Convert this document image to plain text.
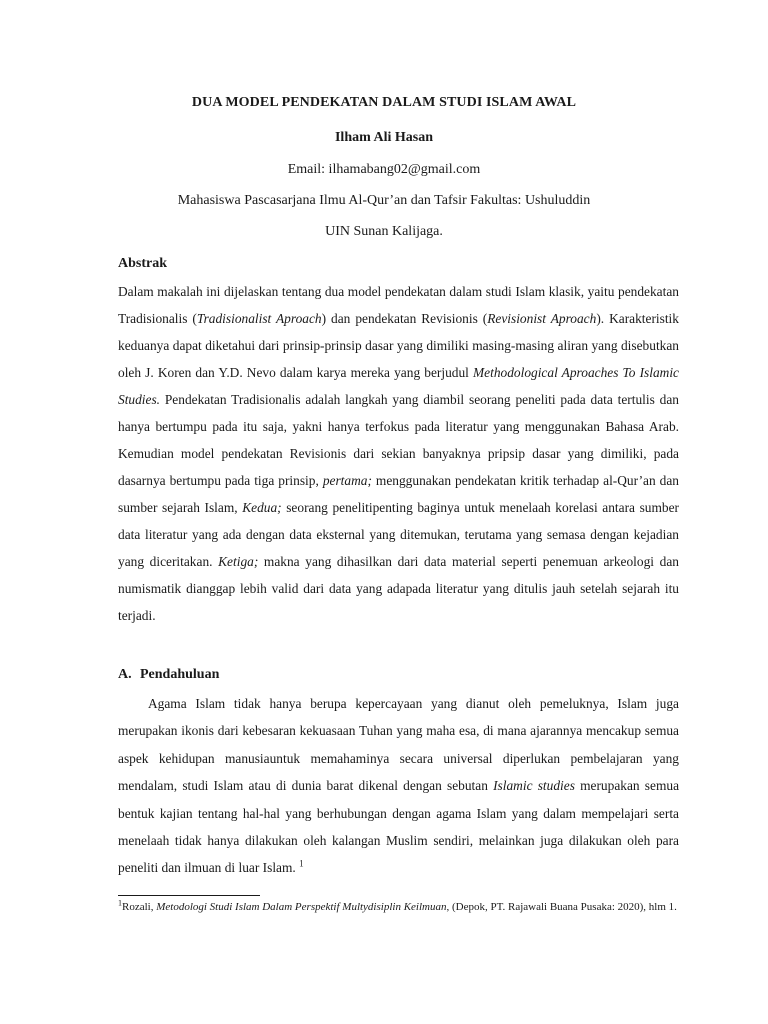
DUA MODEL PENDEKATAN DALAM STUDI ISLAM AWAL
Ilham Ali Hasan
Email: ilhamabang02@gmail.com
Mahasiswa Pascasarjana Ilmu Al-Qur’an dan Tafsir Fakultas: Ushuluddin
UIN Sunan Kalijaga.
Abstrak

Dalam makalah ini dijelaskan tentang dua model pendekatan dalam studi Islam klasik, yaitu pendekatan Tradisionalis (Tradisionalist Aproach) dan pendekatan Revisionis (Revisionist Aproach). Karakteristik keduanya dapat diketahui dari prinsip-prinsip dasar yang dimiliki masing-masing aliran yang disebutkan oleh J. Koren dan Y.D. Nevo dalam karya mereka yang berjudul Methodological Aproaches To Islamic Studies. Pendekatan Tradisionalis adalah langkah yang diambil seorang peneliti pada data tertulis dan hanya bertumpu pada itu saja, yakni hanya terfokus pada literatur yang menggunakan Bahasa Arab. Kemudian model pendekatan Revisionis dari sekian banyaknya pripsip dasar yang dimiliki, pada dasarnya bertumpu pada tiga prinsip, pertama; menggunakan pendekatan kritik terhadap al-Qur’an dan sumber sejarah Islam, Kedua; seorang penelitipenting baginya untuk menelaah korelasi antara sumber data literatur yang ada dengan data eksternal yang ditemukan, terutama yang semasa dengan kejadian yang diceritakan. Ketiga; makna yang dihasilkan dari data material seperti penemuan arkeologi dan numismatik dianggap lebih valid dari data yang adapada literatur yang ditulis jauh setelah sejarah itu terjadi.

A. Pendahuluan

Agama Islam tidak hanya berupa kepercayaan yang dianut oleh pemeluknya, Islam juga merupakan ikonis dari kebesaran kekuasaan Tuhan yang maha esa, di mana ajarannya mencakup semua aspek kehidupan manusiauntuk memahaminya secara universal diperlukan pembelajaran yang mendalam, studi Islam atau di dunia barat dikenal dengan sebutan Islamic studies merupakan semua bentuk kajian tentang hal-hal yang berhubungan dengan agama Islam yang dalam mempelajari serta menelaah tidak hanya dilakukan oleh kalangan Muslim sendiri, melainkan juga dilakukan oleh para peneliti dan ilmuan di luar Islam. $^1$

$^1$Rozali, Metodologi Studi Islam Dalam Perspektif Multydisiplin Keilmuan, (Depok, PT. Rajawali Buana Pusaka: 2020), hlm 1.
